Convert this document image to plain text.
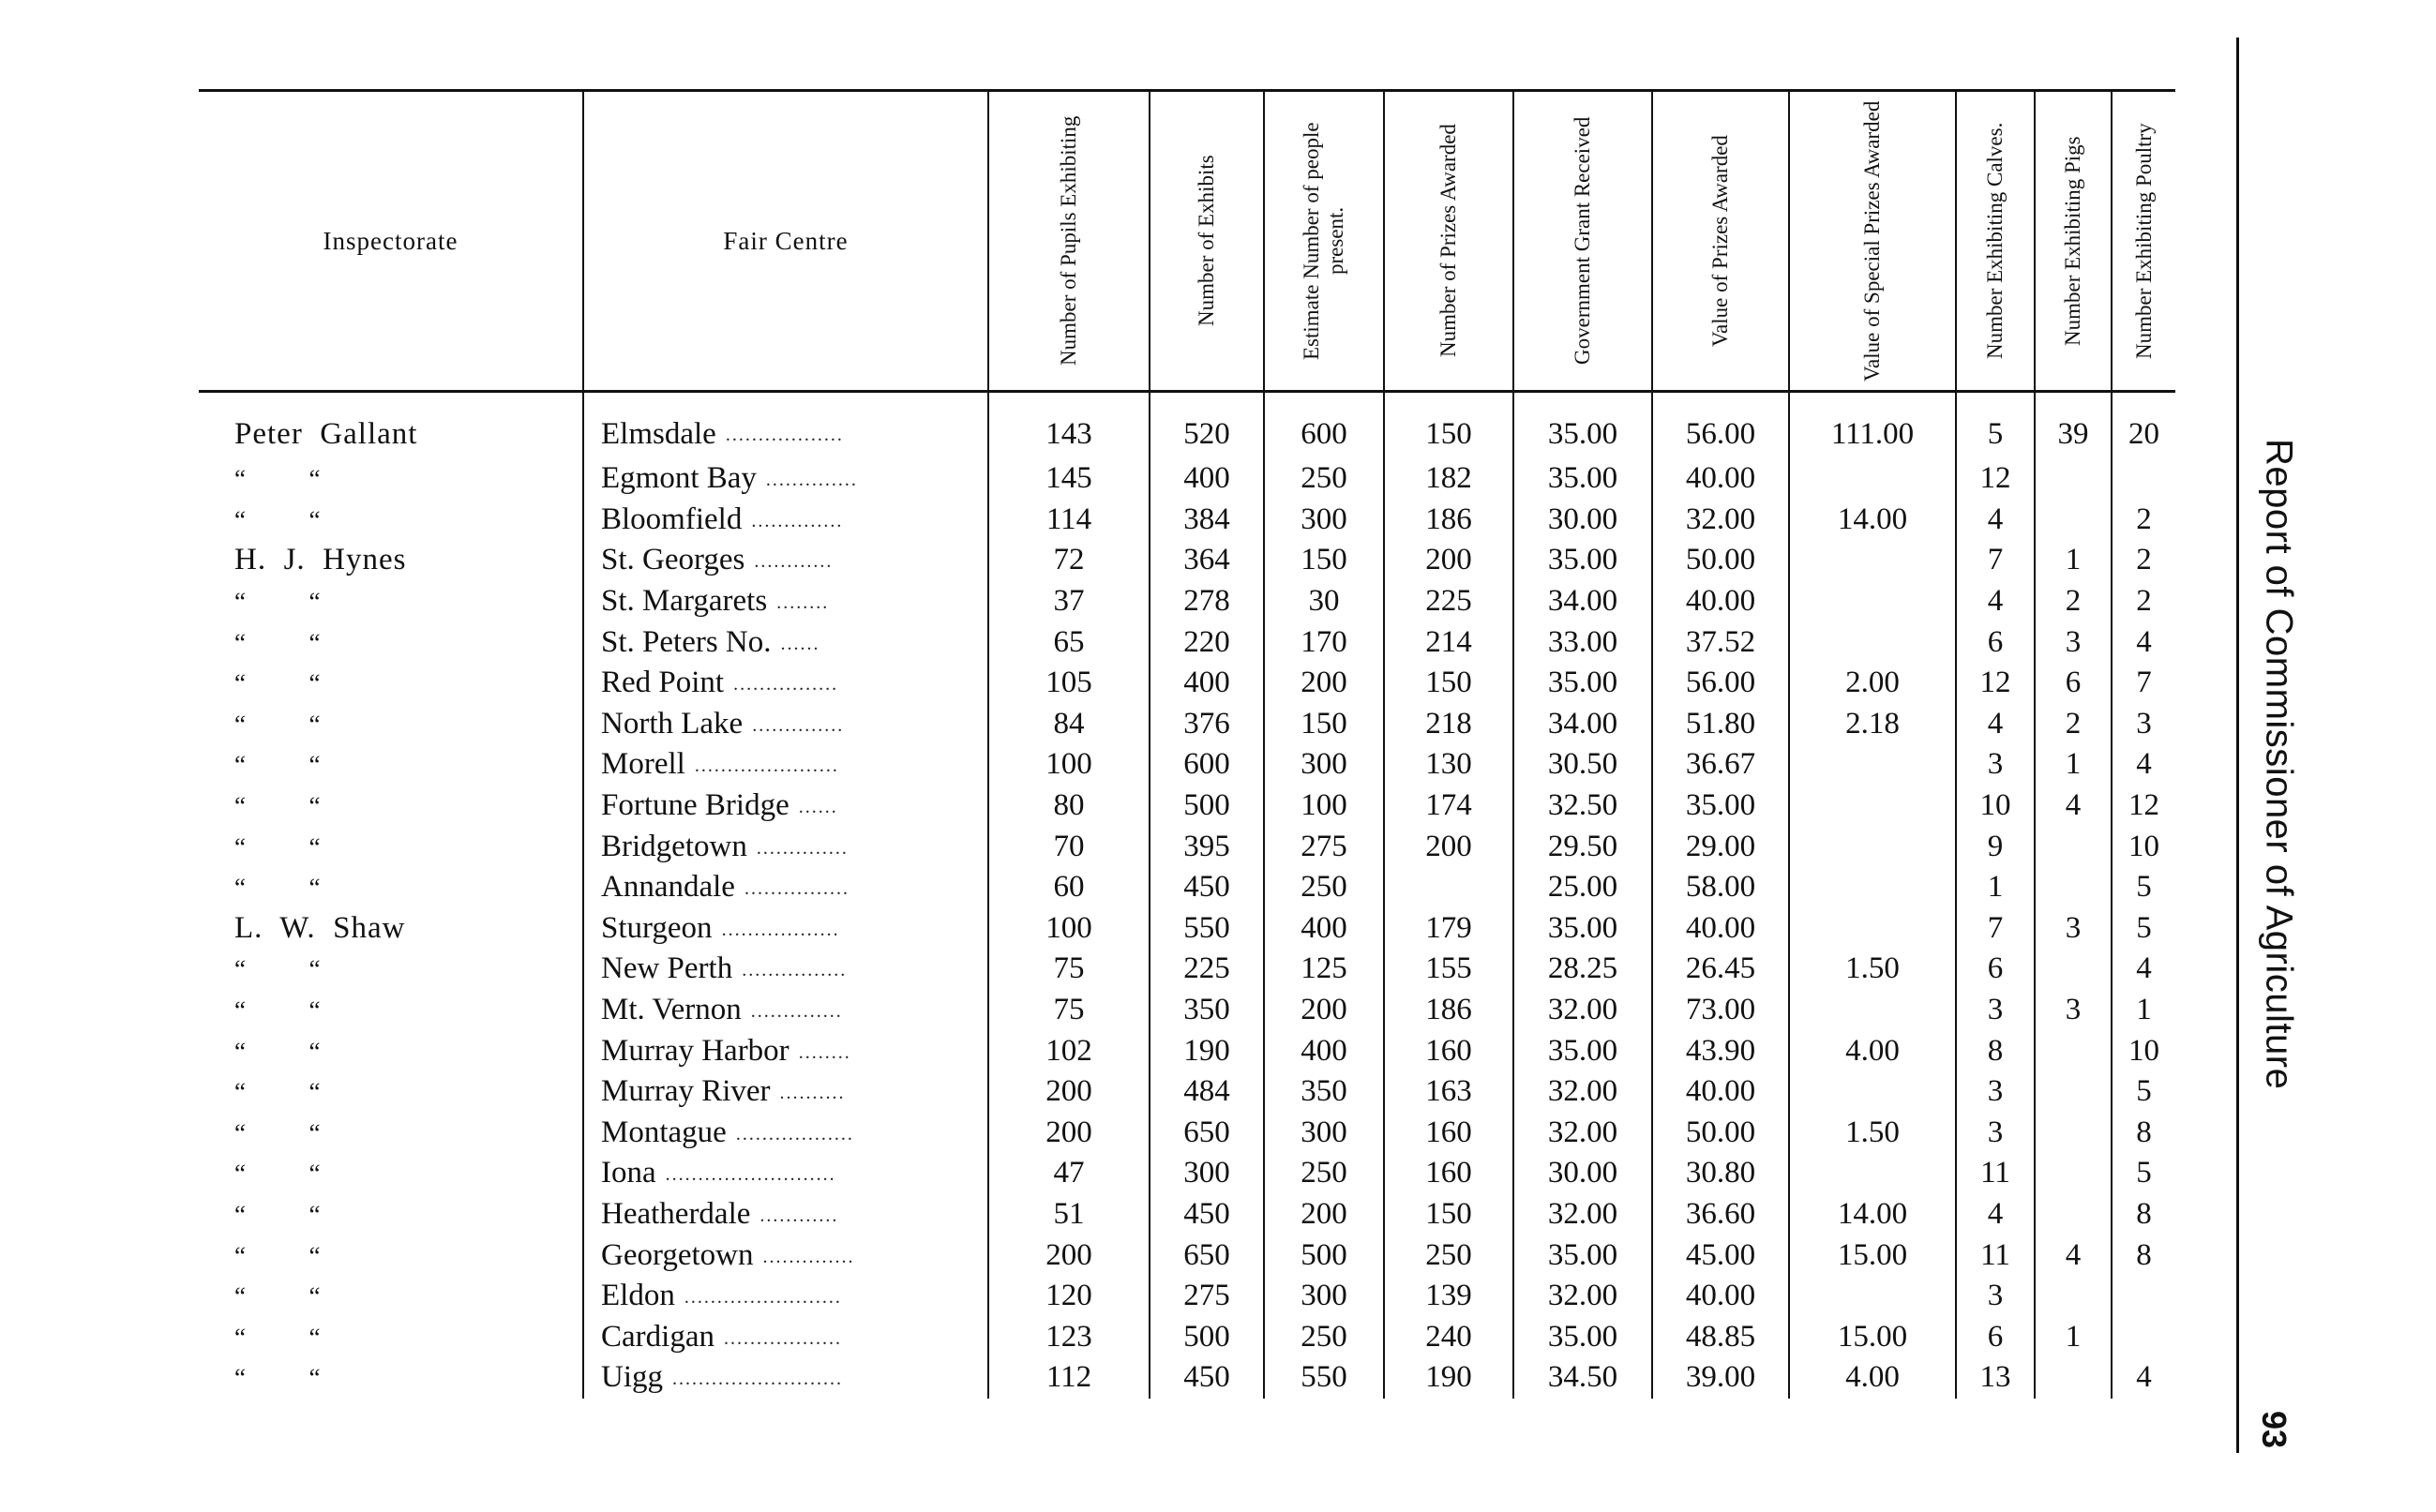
Inspectorate	Fair Centre	Number of Pupils Exhibiting	Number of Exhibits	Estimate Number of people present.	Number of Prizes Awarded	Government Grant Received	Value of Prizes Awarded	Value of Special Prizes Awarded	Number Exhibiting Calves.	Number Exhibiting Pigs	Number Exhibiting Poultry

Peter  Gallant	Elmsdale ..................	143	520	600	150	35.00	56.00	111.00	5	39	20
“          “	Egmont Bay ..............	145	400	250	182	35.00	40.00		12		
“          “	Bloomfield ..............	114	384	300	186	30.00	32.00	14.00	4		2
H.  J.  Hynes	St. Georges ............	72	364	150	200	35.00	50.00		7	1	2
“          “	St. Margarets ........	37	278	30	225	34.00	40.00		4	2	2
“          “	St. Peters No. ......	65	220	170	214	33.00	37.52		6	3	4
“          “	Red Point ................	105	400	200	150	35.00	56.00	2.00	12	6	7
“          “	North Lake ..............	84	376	150	218	34.00	51.80	2.18	4	2	3
“          “	Morell ......................	100	600	300	130	30.50	36.67		3	1	4
“          “	Fortune Bridge ......	80	500	100	174	32.50	35.00		10	4	12
“          “	Bridgetown ..............	70	395	275	200	29.50	29.00		9		10
“          “	Annandale ................	60	450	250		25.00	58.00		1		5
L.  W.  Shaw	Sturgeon ..................	100	550	400	179	35.00	40.00		7	3	5
“          “	New Perth ................	75	225	125	155	28.25	26.45	1.50	6		4
“          “	Mt. Vernon ..............	75	350	200	186	32.00	73.00		3	3	1
“          “	Murray Harbor ........	102	190	400	160	35.00	43.90	4.00	8		10
“          “	Murray River ..........	200	484	350	163	32.00	40.00		3		5
“          “	Montague ..................	200	650	300	160	32.00	50.00	1.50	3		8
“          “	Iona ..........................	47	300	250	160	30.00	30.80		11		5
“          “	Heatherdale ............	51	450	200	150	32.00	36.60	14.00	4		8
“          “	Georgetown ..............	200	650	500	250	35.00	45.00	15.00	11	4	8
“          “	Eldon ........................	120	275	300	139	32.00	40.00		3		
“          “	Cardigan ..................	123	500	250	240	35.00	48.85	15.00	6	1	
“          “	Uigg ..........................	112	450	550	190	34.50	39.00	4.00	13		4
Report of Commissioner of Agriculture
93
